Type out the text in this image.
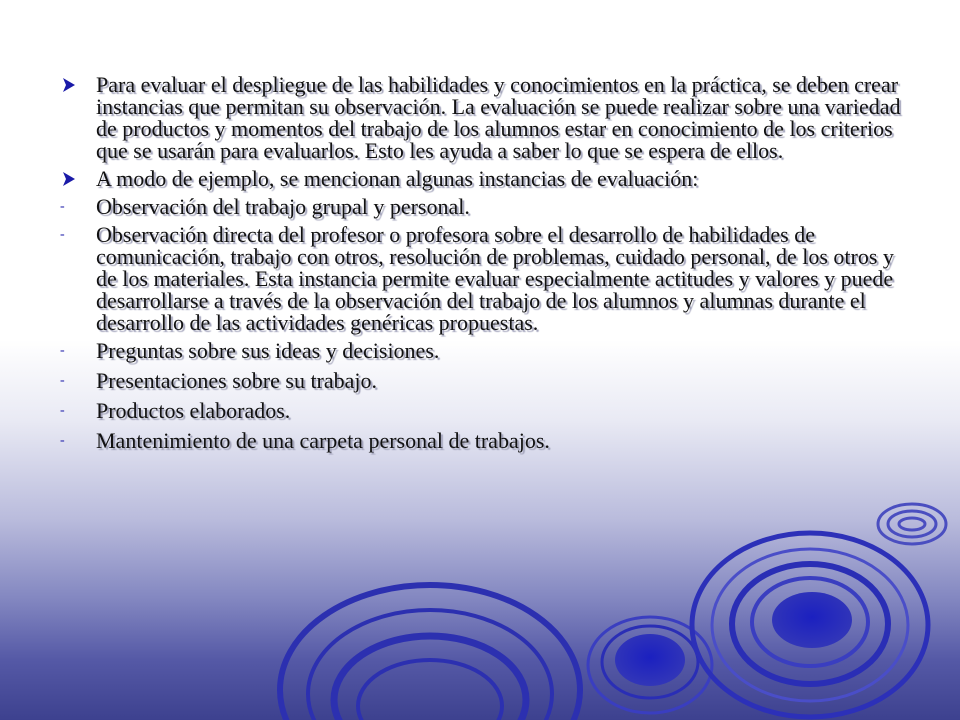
Para evaluar el despliegue de las habilidades y conocimientos en la práctica, se deben crear instancias que permitan su observación. La evaluación se puede realizar sobre una variedad de productos y momentos del trabajo de los alumnos estar en conocimiento de los criterios que se usarán para evaluarlos. Esto les ayuda a saber lo que se espera de ellos.
A modo de ejemplo, se mencionan algunas instancias de evaluación:
- Observación del trabajo grupal y personal.
- Observación directa del profesor o profesora sobre el desarrollo de habilidades de comunicación, trabajo con otros, resolución de problemas, cuidado personal, de los otros y de los materiales. Esta instancia permite evaluar especialmente actitudes y valores y puede desarrollarse a través de la observación del trabajo de los alumnos y alumnas durante el desarrollo de las actividades genéricas propuestas.
- Preguntas sobre sus ideas y decisiones.
- Presentaciones sobre su trabajo.
- Productos elaborados.
- Mantenimiento de una carpeta personal de trabajos.
